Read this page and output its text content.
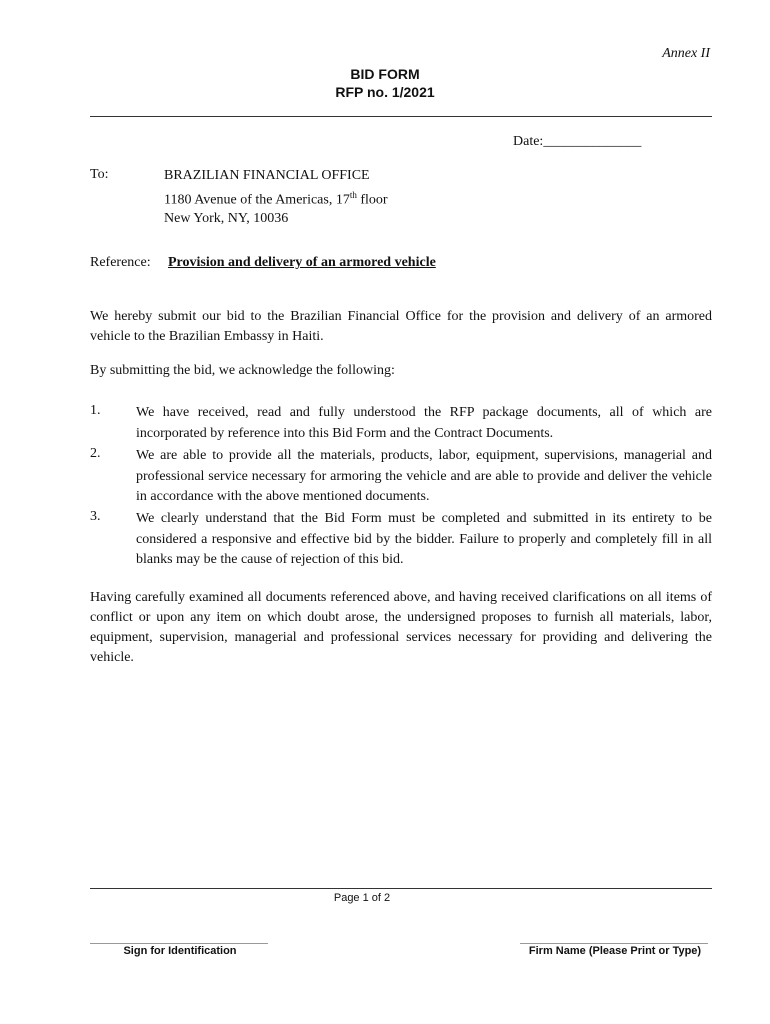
Annex II
BID FORM
RFP no. 1/2021
Date:______________
To:	BRAZILIAN FINANCIAL OFFICE
1180 Avenue of the Americas, 17th floor
New York, NY, 10036
Reference: Provision and delivery of an armored vehicle
We hereby submit our bid to the Brazilian Financial Office for the provision and delivery of an armored vehicle to the Brazilian Embassy in Haiti.
By submitting the bid, we acknowledge the following:
1.	We have received, read and fully understood the RFP package documents, all of which are incorporated by reference into this Bid Form and the Contract Documents.
2.	We are able to provide all the materials, products, labor, equipment, supervisions, managerial and professional service necessary for armoring the vehicle and are able to provide and deliver the vehicle in accordance with the above mentioned documents.
3.	We clearly understand that the Bid Form must be completed and submitted in its entirety to be considered a responsive and effective bid by the bidder. Failure to properly and completely fill in all blanks may be the cause of rejection of this bid.
Having carefully examined all documents referenced above, and having received clarifications on all items of conflict or upon any item on which doubt arose, the undersigned proposes to furnish all materials, labor, equipment, supervision, managerial and professional services necessary for providing and delivering the vehicle.
Page 1 of 2
Sign for Identification	Firm Name (Please Print or Type)
